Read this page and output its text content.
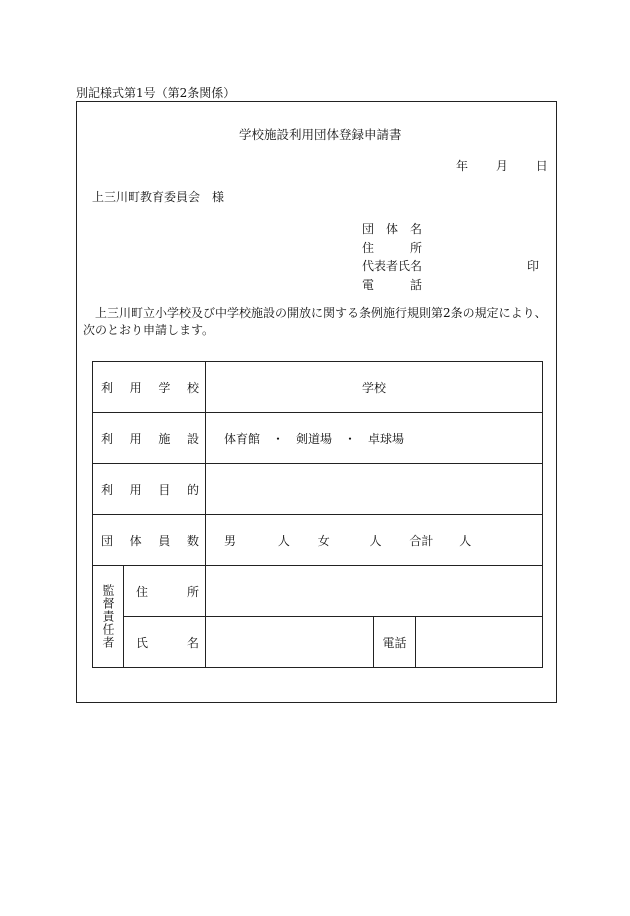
別記様式第1号（第2条関係）
学校施設利用団体登録申請書
年 月 日
上三川町教育委員会　様
団　体　名
住　　　所
代表者氏名	印
電　　　話
上三川町立小学校及び中学校施設の開放に関する条例施行規則第2条の規定により、次のとおり申請します。
利 用 学 校		学校		

利 用 施 設		体育館　・　剣道場　・　卓球場		

利 用 目 的				

団 体 員 数		男 人 女 人 合計 人		

監督責任者	住 所			

	氏 名		電話	
